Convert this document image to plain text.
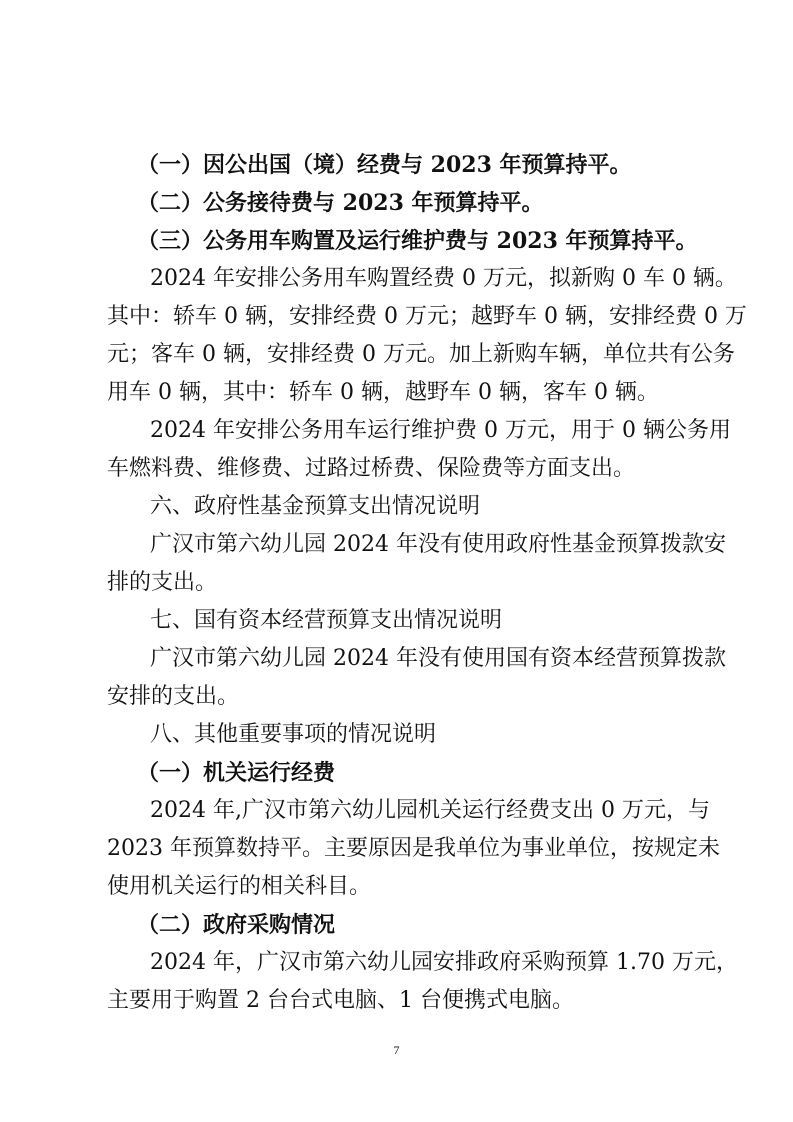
（一）因公出国（境）经费与 2023 年预算持平。
（二）公务接待费与 2023 年预算持平。
（三）公务用车购置及运行维护费与 2023 年预算持平。
2024 年安排公务用车购置经费 0 万元，拟新购 0 车 0 辆。
其中：轿车 0 辆，安排经费 0 万元；越野车 0 辆，安排经费 0 万
元；客车 0 辆，安排经费 0 万元。加上新购车辆，单位共有公务
用车 0 辆，其中：轿车 0 辆，越野车 0 辆，客车 0 辆。
2024 年安排公务用车运行维护费 0 万元，用于 0 辆公务用
车燃料费、维修费、过路过桥费、保险费等方面支出。
六、政府性基金预算支出情况说明
广汉市第六幼儿园 2024 年没有使用政府性基金预算拨款安
排的支出。
七、国有资本经营预算支出情况说明
广汉市第六幼儿园 2024 年没有使用国有资本经营预算拨款
安排的支出。
八、其他重要事项的情况说明
（一）机关运行经费
2024 年,广汉市第六幼儿园机关运行经费支出 0 万元，与
2023 年预算数持平。主要原因是我单位为事业单位，按规定未
使用机关运行的相关科目。
（二）政府采购情况
2024 年，广汉市第六幼儿园安排政府采购预算 1.70 万元，
主要用于购置 2 台台式电脑、1 台便携式电脑。
7
